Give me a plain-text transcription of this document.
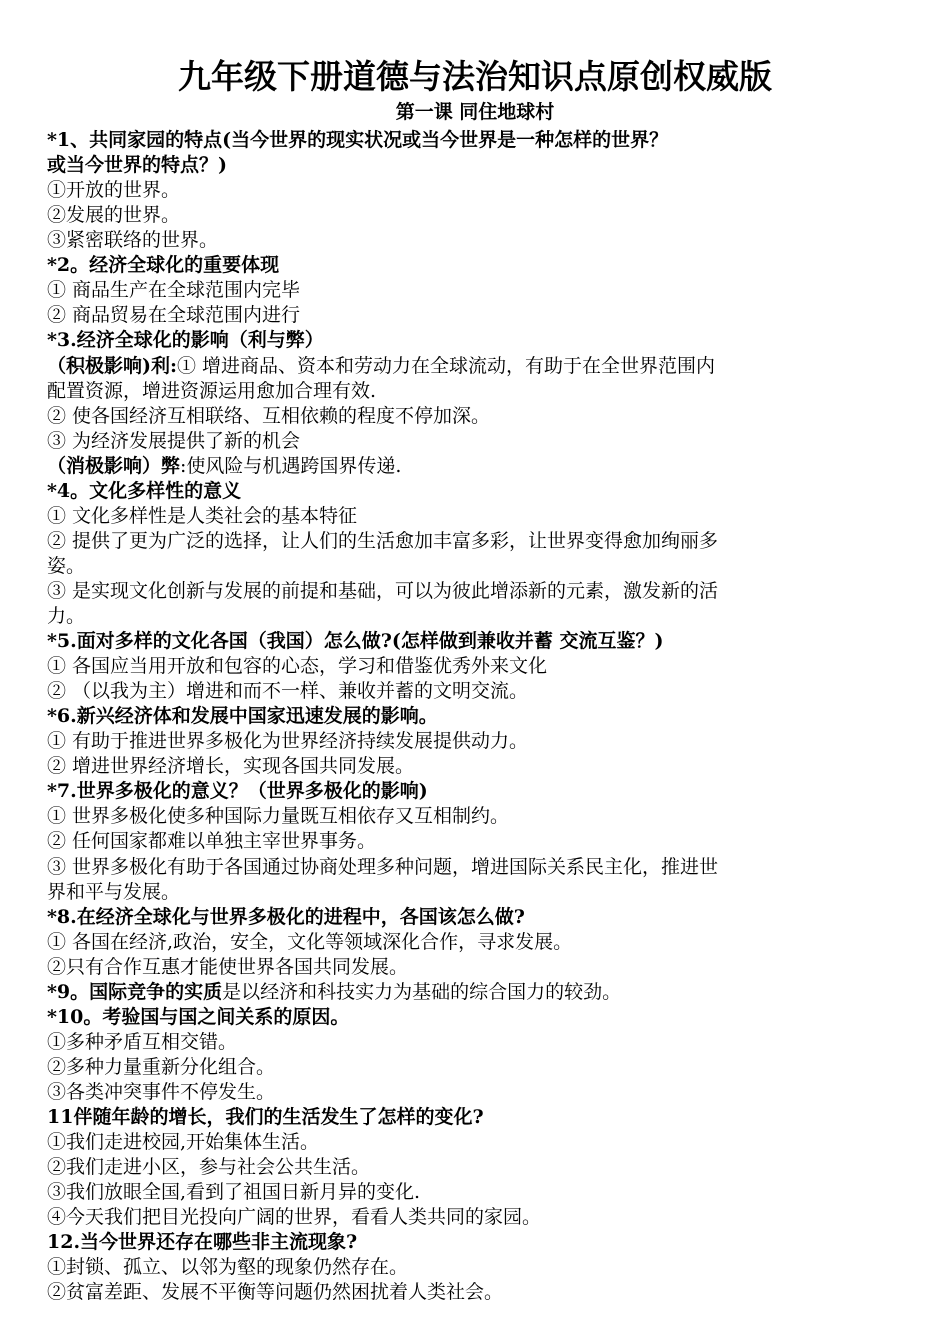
九年级下册道德与法治知识点原创权威版
第一课 同住地球村
*1、共同家园的特点(当今世界的现实状况或当今世界是一种怎样的世界？
或当今世界的特点？)
①开放的世界。
②发展的世界。
③紧密联络的世界。
*2。经济全球化的重要体现
① 商品生产在全球范围内完毕
② 商品贸易在全球范围内进行
*3.经济全球化的影响（利与弊）
（积极影响)利:① 增进商品、资本和劳动力在全球流动，有助于在全世界范围内
配置资源，增进资源运用愈加合理有效.
② 使各国经济互相联络、互相依赖的程度不停加深。
③ 为经济发展提供了新的机会
（消极影响）弊:使风险与机遇跨国界传递.
*4。文化多样性的意义
① 文化多样性是人类社会的基本特征
② 提供了更为广泛的选择，让人们的生活愈加丰富多彩，让世界变得愈加绚丽多
姿。
③ 是实现文化创新与发展的前提和基础，可以为彼此增添新的元素，激发新的活
力。
*5.面对多样的文化各国（我国）怎么做?(怎样做到兼收并蓄 交流互鉴？)
① 各国应当用开放和包容的心态，学习和借鉴优秀外来文化
② （以我为主）增进和而不一样、兼收并蓄的文明交流。
*6.新兴经济体和发展中国家迅速发展的影响。
① 有助于推进世界多极化为世界经济持续发展提供动力。
② 增进世界经济增长，实现各国共同发展。
*7.世界多极化的意义？（世界多极化的影响)
① 世界多极化使多种国际力量既互相依存又互相制约。
② 任何国家都难以单独主宰世界事务。
③ 世界多极化有助于各国通过协商处理多种问题，增进国际关系民主化，推进世
界和平与发展。
*8.在经济全球化与世界多极化的进程中，各国该怎么做?
① 各国在经济,政治，安全，文化等领域深化合作，寻求发展。
②只有合作互惠才能使世界各国共同发展。
*9。国际竞争的实质是以经济和科技实力为基础的综合国力的较劲。
*10。考验国与国之间关系的原因。
①多种矛盾互相交错。
②多种力量重新分化组合。
③各类冲突事件不停发生。
11伴随年龄的增长，我们的生活发生了怎样的变化?
①我们走进校园,开始集体生活。
②我们走进小区，参与社会公共生活。
③我们放眼全国,看到了祖国日新月异的变化.
④今天我们把目光投向广阔的世界，看看人类共同的家园。
12.当今世界还存在哪些非主流现象?
①封锁、孤立、以邻为壑的现象仍然存在。
②贫富差距、发展不平衡等问题仍然困扰着人类社会。
